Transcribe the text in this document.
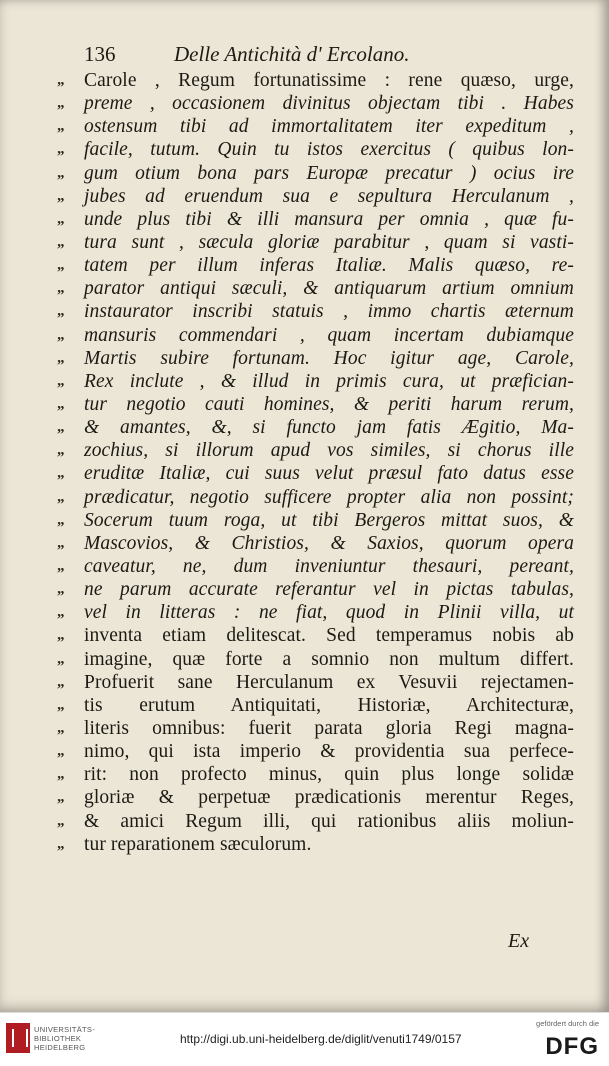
136	Delle Antichità d' Ercolano.
„
„
„
„
„
„
„
„
„
„
„
„
„
„
„
„
„
„
„
„
„
„
„
„
„
„
„
„
„
„
„
„
„
„
Carole , Regum fortunatissime : rene quæso, urge,
preme , occasionem divinitus objectam tibi . Habes
ostensum tibi ad immortalitatem iter expeditum ,
facile, tutum. Quin tu istos exercitus ( quibus lon-
gum otium bona pars Europæ precatur ) ocius ire
jubes ad eruendum sua e sepultura Herculanum ,
unde plus tibi & illi mansura per omnia , quæ fu-
tura sunt , sæcula gloriæ parabitur , quam si vasti-
tatem per illum inferas Italiæ. Malis quæso, re-
parator antiqui sæculi, & antiquarum artium omnium
instaurator inscribi statuis , immo chartis æternum
mansuris commendari , quam incertam dubiamque
Martis subire fortunam. Hoc igitur age, Carole,
Rex inclute , & illud in primis cura, ut præfician-
tur negotio cauti homines, & periti harum rerum,
& amantes, &, si functo jam fatis Ægitio, Ma-
zochius, si illorum apud vos similes, si chorus ille
eruditæ Italiæ, cui suus velut præsul fato datus esse
prædicatur, negotio sufficere propter alia non possint;
Socerum tuum roga, ut tibi Bergeros mittat suos, &
Mascovios, & Christios, & Saxios, quorum opera
caveatur, ne, dum inveniuntur thesauri, pereant,
ne parum accurate referantur vel in pictas tabulas,
vel in litteras : ne fiat, quod in Plinii villa, ut
inventa etiam delitescat. Sed temperamus nobis ab
imagine, quæ forte a somnio non multum differt.
Profuerit sane Herculanum ex Vesuvii rejectamen-
tis erutum Antiquitati, Historiæ, Architecturæ,
literis omnibus: fuerit parata gloria Regi magna-
nimo, qui ista imperio & providentia sua perfece-
rit: non profecto minus, quin plus longe solidæ
gloriæ & perpetuæ prædicationis merentur Reges,
& amici Regum illi, qui rationibus aliis moliun-
tur reparationem sæculorum.
Ex
UNIVERSITÄTS-
BIBLIOTHEK
HEIDELBERG
http://digi.ub.uni-heidelberg.de/diglit/venuti1749/0157
gefördert durch die
DFG
